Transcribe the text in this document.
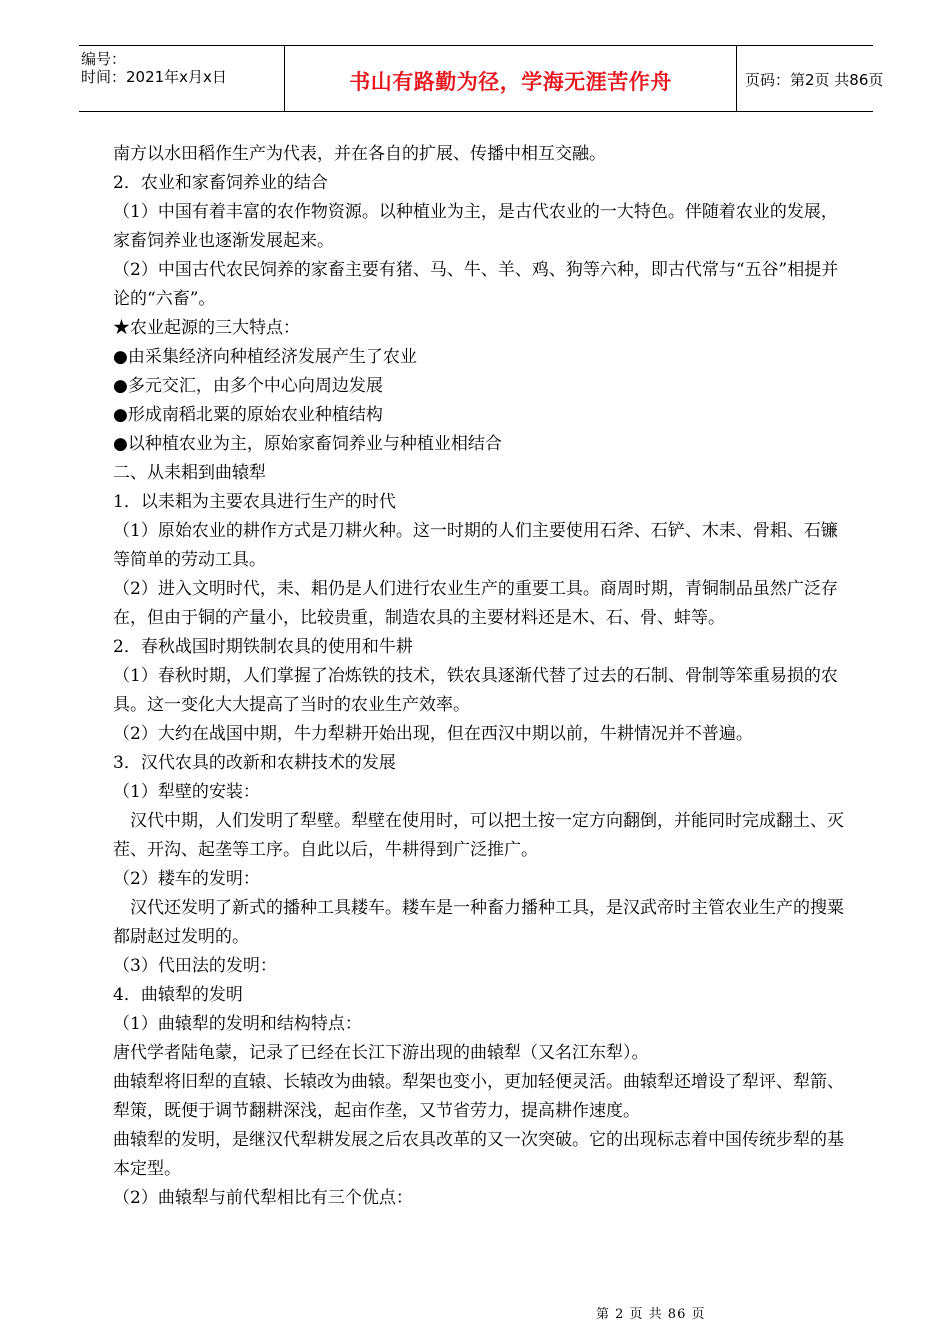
编号：
时间：2021年x月x日	书山有路勤为径，学海无涯苦作舟	页码：第2页 共86页

南方以水田稻作生产为代表，并在各自的扩展、传播中相互交融。

2．农业和家畜饲养业的结合

（1）中国有着丰富的农作物资源。以种植业为主，是古代农业的一大特色。伴随着农业的发展，家畜饲养业也逐渐发展起来。

（2）中国古代农民饲养的家畜主要有猪、马、牛、羊、鸡、狗等六种，即古代常与“五谷”相提并论的“六畜”。

★农业起源的三大特点：

●由采集经济向种植经济发展产生了农业

●多元交汇，由多个中心向周边发展

●形成南稻北粟的原始农业种植结构

●以种植农业为主，原始家畜饲养业与种植业相结合

二、从耒耜到曲辕犁

1．以耒耜为主要农具进行生产的时代

（1）原始农业的耕作方式是刀耕火种。这一时期的人们主要使用石斧、石铲、木耒、骨耜、石镰等简单的劳动工具。

（2）进入文明时代，耒、耜仍是人们进行农业生产的重要工具。商周时期，青铜制品虽然广泛存在，但由于铜的产量小，比较贵重，制造农具的主要材料还是木、石、骨、蚌等。

2．春秋战国时期铁制农具的使用和牛耕

（1）春秋时期，人们掌握了冶炼铁的技术，铁农具逐渐代替了过去的石制、骨制等笨重易损的农具。这一变化大大提高了当时的农业生产效率。

（2）大约在战国中期，牛力犁耕开始出现，但在西汉中期以前，牛耕情况并不普遍。

3．汉代农具的改新和农耕技术的发展

（1）犁壁的安装：

　汉代中期，人们发明了犁壁。犁壁在使用时，可以把土按一定方向翻倒，并能同时完成翻土、灭茬、开沟、起垄等工序。自此以后，牛耕得到广泛推广。

（2）耧车的发明：

　汉代还发明了新式的播种工具耧车。耧车是一种畜力播种工具，是汉武帝时主管农业生产的搜粟都尉赵过发明的。

（3）代田法的发明：

4．曲辕犁的发明

（1）曲辕犁的发明和结构特点：

唐代学者陆龟蒙，记录了已经在长江下游出现的曲辕犁（又名江东犁）。

曲辕犁将旧犁的直辕、长辕改为曲辕。犁架也变小，更加轻便灵活。曲辕犁还增设了犁评、犁箭、犁策，既便于调节翻耕深浅，起亩作垄，又节省劳力，提高耕作速度。

曲辕犁的发明，是继汉代犁耕发展之后农具改革的又一次突破。它的出现标志着中国传统步犁的基本定型。

（2）曲辕犁与前代犁相比有三个优点：

第 2 页 共 86 页
